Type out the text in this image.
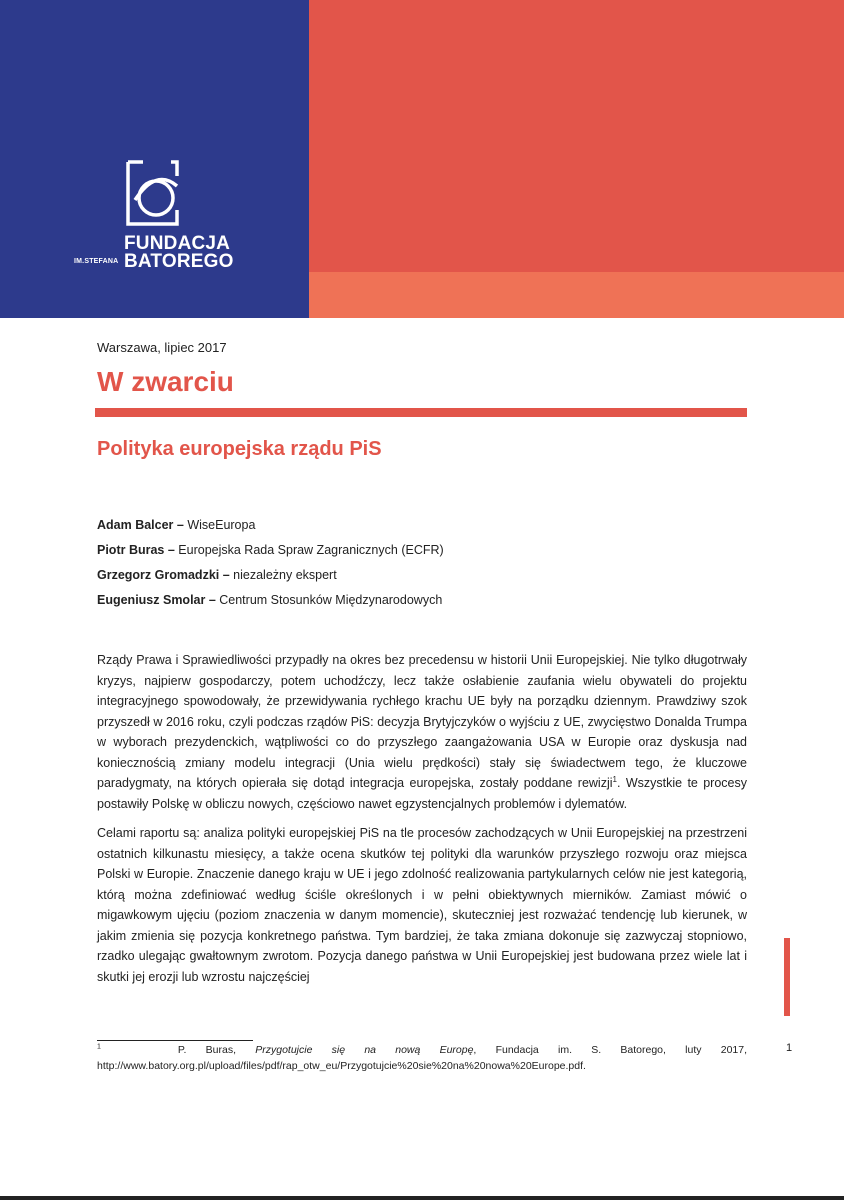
FUNDACJA
IM.STEFANA BATOREGO
Warszawa, lipiec 2017
W zwarciu
Polityka europejska rządu PiS
Adam Balcer – WiseEuropa
Piotr Buras – Europejska Rada Spraw Zagranicznych (ECFR)
Grzegorz Gromadzki – niezależny ekspert
Eugeniusz Smolar – Centrum Stosunków Międzynarodowych

Rządy Prawa i Sprawiedliwości przypadły na okres bez precedensu w historii Unii Europejskiej. Nie tylko długotrwały kryzys, najpierw gospodarczy, potem uchodźczy, lecz także osłabienie zaufania wielu obywateli do projektu integracyjnego spowodowały, że przewidywania rychłego krachu UE były na porządku dziennym. Prawdziwy szok przyszedł w 2016 roku, czyli podczas rządów PiS: decyzja Brytyjczyków o wyjściu z UE, zwycięstwo Donalda Trumpa w wyborach prezydenckich, wątpliwości co do przyszłego zaangażowania USA w Europie oraz dyskusja nad koniecznością zmiany modelu integracji (Unia wielu prędkości) stały się świadectwem tego, że kluczowe paradygmaty, na których opierała się dotąd integracja europejska, zostały poddane rewizji$^1$. Wszystkie te procesy postawiły Polskę w obliczu nowych, częściowo nawet egzystencjalnych problemów i dylematów.

Celami raportu są: analiza polityki europejskiej PiS na tle procesów zachodzących w Unii Europejskiej na przestrzeni ostatnich kilkunastu miesięcy, a także ocena skutków tej polityki dla warunków przyszłego rozwoju oraz miejsca Polski w Europie. Znaczenie danego kraju w UE i jego zdolność realizowania partykularnych celów nie jest kategorią, którą można zdefiniować według ściśle określonych i w pełni obiektywnych mierników. Zamiast mówić o migawkowym ujęciu (poziom znaczenia w danym momencie), skuteczniej jest rozważać tendencję lub kierunek, w jakim zmienia się pozycja konkretnego państwa. Tym bardziej, że taka zmiana dokonuje się zazwyczaj stopniowo, rzadko ulegając gwałtownym zwrotom. Pozycja danego państwa w Unii Europejskiej jest budowana przez wiele lat i skutki jej erozji lub wzrostu najczęściej

$^1$	P. Buras, Przygotujcie się na nową Europę, Fundacja im. S. Batorego, luty 2017, http://www.batory.org.pl/upload/files/pdf/rap_otw_eu/Przygotujcie%20sie%20na%20nowa%20Europe.pdf.
1
